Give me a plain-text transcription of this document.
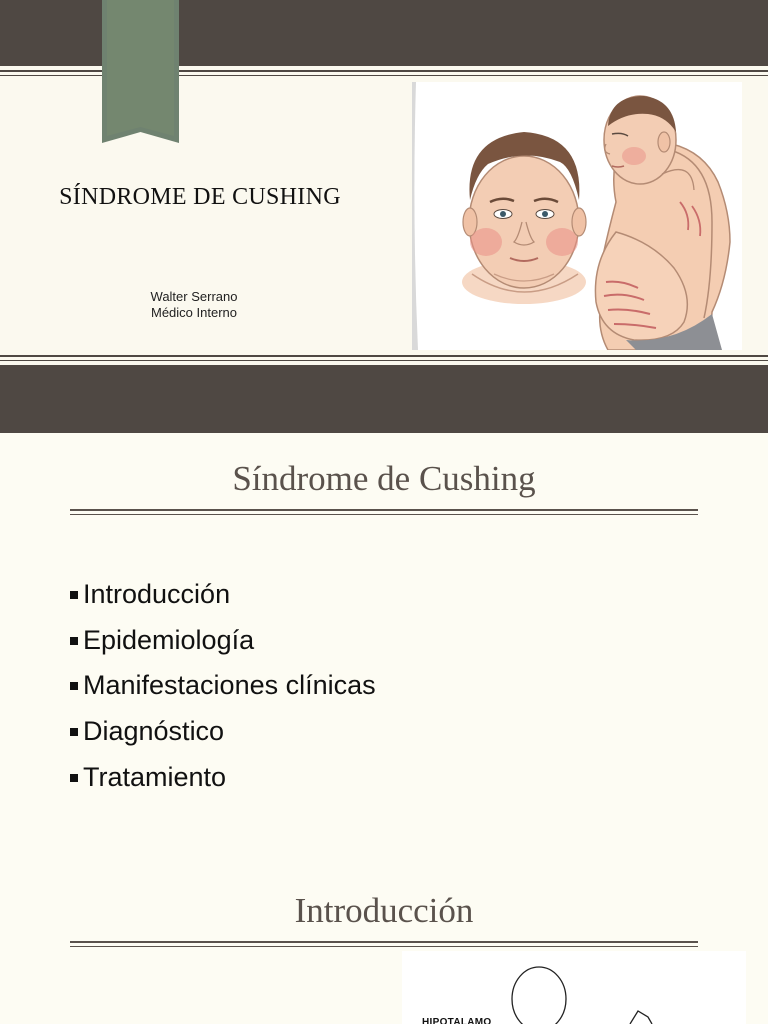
SÍNDROME DE CUSHING
Walter Serrano
Médico Interno
Síndrome de Cushing
Introducción
Epidemiología
Manifestaciones clínicas
Diagnóstico
Tratamiento
Introducción
HIPOTALAMO
